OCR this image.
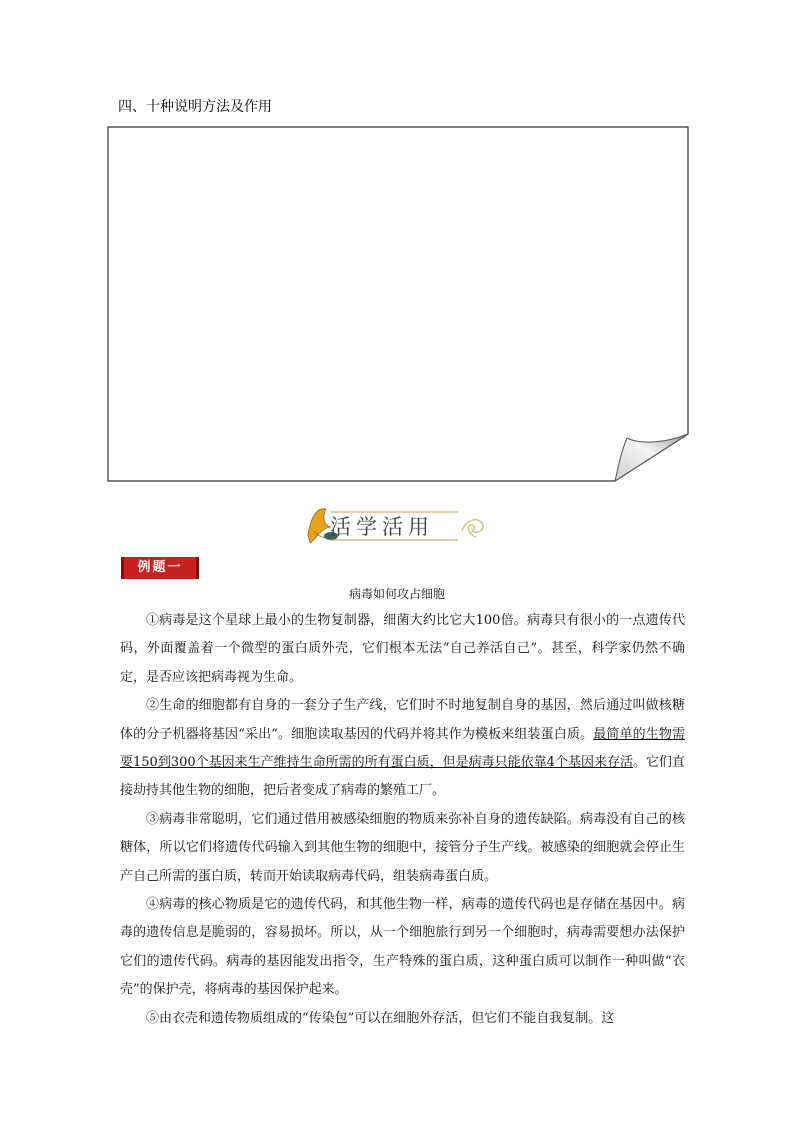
四、十种说明方法及作用
活学活用
例题一
病毒如何攻占细胞

①病毒是这个星球上最小的生物复制器，细菌大约比它大100倍。病毒只有很小的一点遗传代码，外面覆盖着一个微型的蛋白质外壳，它们根本无法“自己养活自己”。甚至，科学家仍然不确定，是否应该把病毒视为生命。

②生命的细胞都有自身的一套分子生产线，它们时不时地复制自身的基因，然后通过叫做核糖体的分子机器将基因“采出”。细胞读取基因的代码并将其作为模板来组装蛋白质。最简单的生物需要150到300个基因来生产维持生命所需的所有蛋白质，但是病毒只能依靠4个基因来存活。它们直接劫持其他生物的细胞，把后者变成了病毒的繁殖工厂。

③病毒非常聪明，它们通过借用被感染细胞的物质来弥补自身的遗传缺陷。病毒没有自己的核糖体，所以它们将遗传代码输入到其他生物的细胞中，接管分子生产线。被感染的细胞就会停止生产自己所需的蛋白质，转而开始读取病毒代码，组装病毒蛋白质。

④病毒的核心物质是它的遗传代码，和其他生物一样，病毒的遗传代码也是存储在基因中。病毒的遗传信息是脆弱的，容易损坏。所以，从一个细胞旅行到另一个细胞时，病毒需要想办法保护它们的遗传代码。病毒的基因能发出指令，生产特殊的蛋白质，这种蛋白质可以制作一种叫做“衣壳”的保护壳，将病毒的基因保护起来。

⑤由衣壳和遗传物质组成的“传染包”可以在细胞外存活，但它们不能自我复制。这
